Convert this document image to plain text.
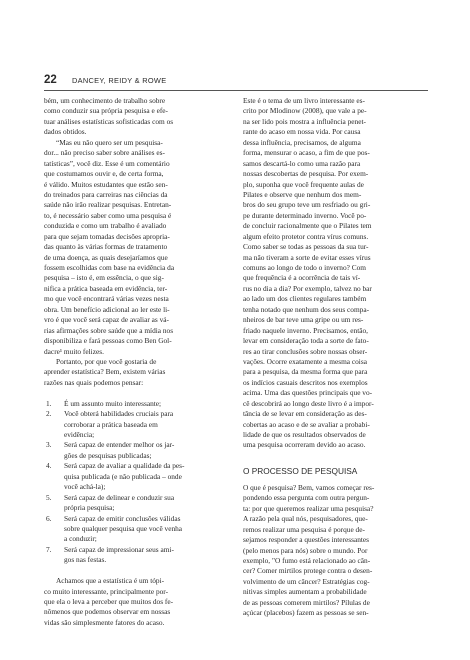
22 DANCEY, REIDY & ROWE
bém, um conhecimento de trabalho sobre
como conduzir sua própria pesquisa e efe-
tuar análises estatísticas sofisticadas com os
dados obtidos.
“Mas eu não quero ser um pesquisa-
dor... não preciso saber sobre análises es-
tatísticas”, você diz. Esse é um comentário
que costumamos ouvir e, de certa forma,
é válido. Muitos estudantes que estão sen-
do treinados para carreiras nas ciências da
saúde não irão realizar pesquisas. Entretan-
to, é necessário saber como uma pesquisa é
conduzida e como um trabalho é avaliado
para que sejam tomadas decisões apropria-
das quanto às várias formas de tratamento
de uma doença, as quais desejaríamos que
fossem escolhidas com base na evidência da
pesquisa – isto é, em essência, o que sig-
nifica a prática baseada em evidência, ter-
mo que você encontrará várias vezes nesta
obra. Um benefício adicional ao ler este li-
vro é que você será capaz de avaliar as vá-
rias afirmações sobre saúde que a mídia nos
disponibiliza e fará pessoas como Ben Gol-
dacre¹ muito felizes.
Portanto, por que você gostaria de
aprender estatística? Bem, existem várias
razões nas quais podemos pensar:
1. É um assunto muito interessante;
2. Você obterá habilidades cruciais para
corroborar a prática baseada em
evidência;
3. Será capaz de entender melhor os jar-
gões de pesquisas publicadas;
4. Será capaz de avaliar a qualidade da pes-
quisa publicada (e não publicada – onde
você achá-la);
5. Será capaz de delinear e conduzir sua
própria pesquisa;
6. Será capaz de emitir conclusões válidas
sobre qualquer pesquisa que você venha
a conduzir;
7. Será capaz de impressionar seus ami-
gos nas festas.
Achamos que a estatística é um tópi-
co muito interessante, principalmente por-
que ela o leva a perceber que muitos dos fe-
nômenos que podemos observar em nossas
vidas são simplesmente fatores do acaso.
Este é o tema de um livro interessante es-
crito por Mlodinow (2008), que vale a pe-
na ser lido pois mostra a influência penet-
rante do acaso em nossa vida. Por causa
dessa influência, precisamos, de alguma
forma, mensurar o acaso, a fim de que pos-
samos descartá-lo como uma razão para
nossas descobertas de pesquisa. Por exem-
plo, suponha que você frequente aulas de
Pilates e observe que nenhum dos mem-
bros do seu grupo teve um resfriado ou gri-
pe durante determinado inverno. Você po-
de concluir racionalmente que o Pilates tem
algum efeito protetor contra vírus comuns.
Como saber se todas as pessoas da sua tur-
ma não tiveram a sorte de evitar esses vírus
comuns ao longo de todo o inverno? Com
que frequência é a ocorrência de tais ví-
rus no dia a dia? Por exemplo, talvez no bar
ao lado um dos clientes regulares também
tenha notado que nenhum dos seus compa-
nheiros de bar teve uma gripe ou um res-
friado naquele inverno. Precisamos, então,
levar em consideração toda a sorte de fato-
res ao tirar conclusões sobre nossas obser-
vações. Ocorre exatamente a mesma coisa
para a pesquisa, da mesma forma que para
os indícios casuais descritos nos exemplos
acima. Uma das questões principais que vo-
cê descobrirá ao longo deste livro é a impor-
tância de se levar em consideração as des-
cobertas ao acaso e de se avaliar a probabi-
lidade de que os resultados observados de
uma pesquisa ocorreram devido ao acaso.
O PROCESSO DE PESQUISA
O que é pesquisa? Bem, vamos começar res-
pondendo essa pergunta com outra pergun-
ta: por que queremos realizar uma pesquisa?
A razão pela qual nós, pesquisadores, que-
remos realizar uma pesquisa é porque de-
sejamos responder a questões interessantes
(pelo menos para nós) sobre o mundo. Por
exemplo, "O fumo está relacionado ao cân-
cer? Comer mirtilos protege contra o desen-
volvimento de um câncer? Estratégias cog-
nitivas simples aumentam a probabilidade
de as pessoas comerem mirtilos? Pílulas de
açúcar (placebos) fazem as pessoas se sen-
